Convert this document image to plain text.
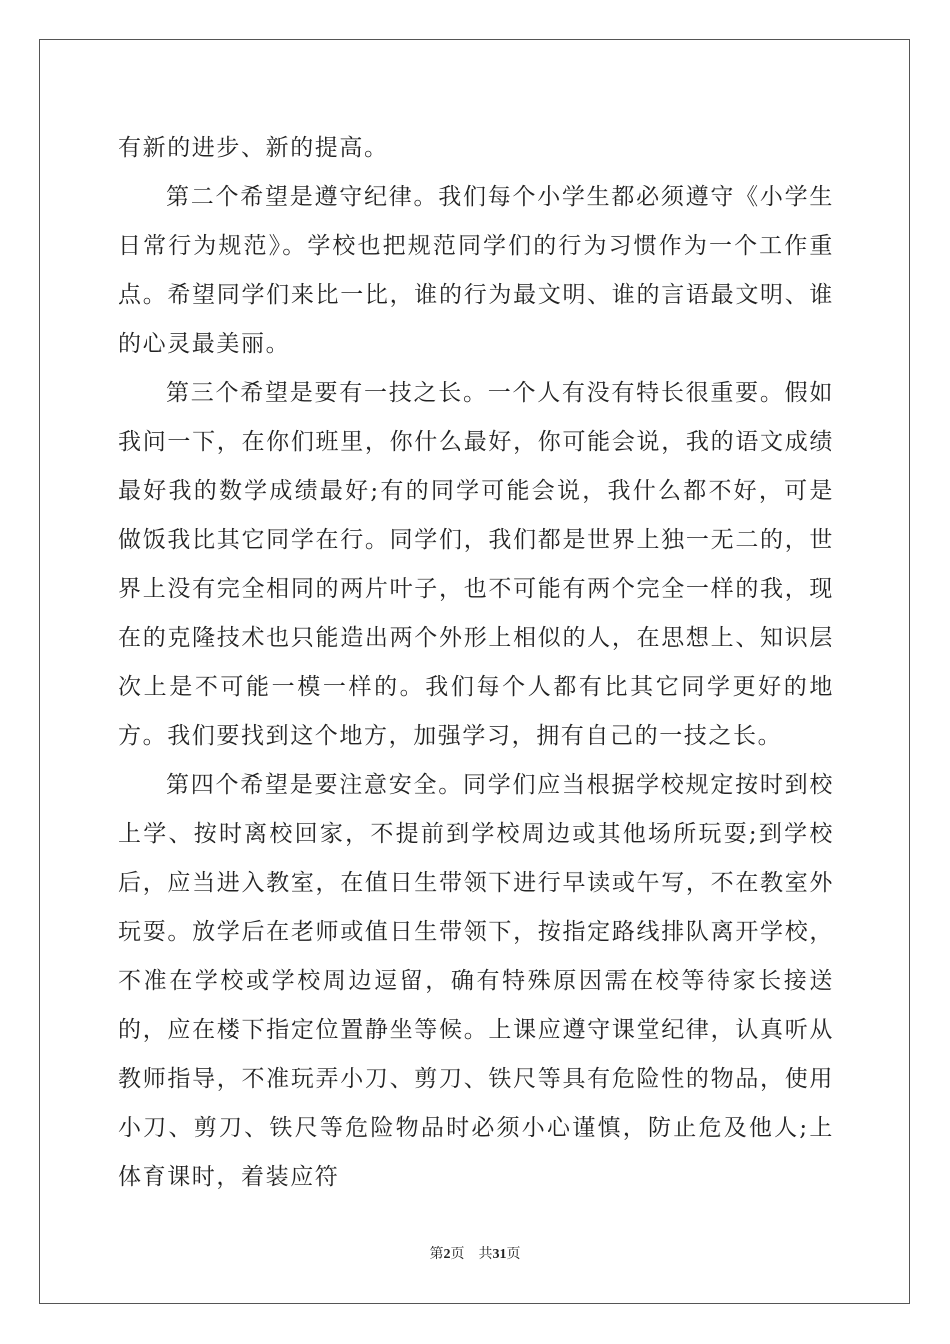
有新的进步、新的提高。

第二个希望是遵守纪律。我们每个小学生都必须遵守《小学生日常行为规范》。学校也把规范同学们的行为习惯作为一个工作重点。希望同学们来比一比，谁的行为最文明、谁的言语最文明、谁的心灵最美丽。

第三个希望是要有一技之长。一个人有没有特长很重要。假如我问一下，在你们班里，你什么最好，你可能会说，我的语文成绩最好我的数学成绩最好;有的同学可能会说，我什么都不好，可是做饭我比其它同学在行。同学们，我们都是世界上独一无二的，世界上没有完全相同的两片叶子，也不可能有两个完全一样的我，现在的克隆技术也只能造出两个外形上相似的人，在思想上、知识层次上是不可能一模一样的。我们每个人都有比其它同学更好的地方。我们要找到这个地方，加强学习，拥有自己的一技之长。

第四个希望是要注意安全。同学们应当根据学校规定按时到校上学、按时离校回家，不提前到学校周边或其他场所玩耍;到学校后，应当进入教室，在值日生带领下进行早读或午写，不在教室外玩耍。放学后在老师或值日生带领下，按指定路线排队离开学校，不准在学校或学校周边逗留，确有特殊原因需在校等待家长接送的，应在楼下指定位置静坐等候。上课应遵守课堂纪律，认真听从教师指导，不准玩弄小刀、剪刀、铁尺等具有危险性的物品，使用小刀、剪刀、铁尺等危险物品时必须小心谨慎，防止危及他人;上体育课时，着装应符

第2页 共31页
